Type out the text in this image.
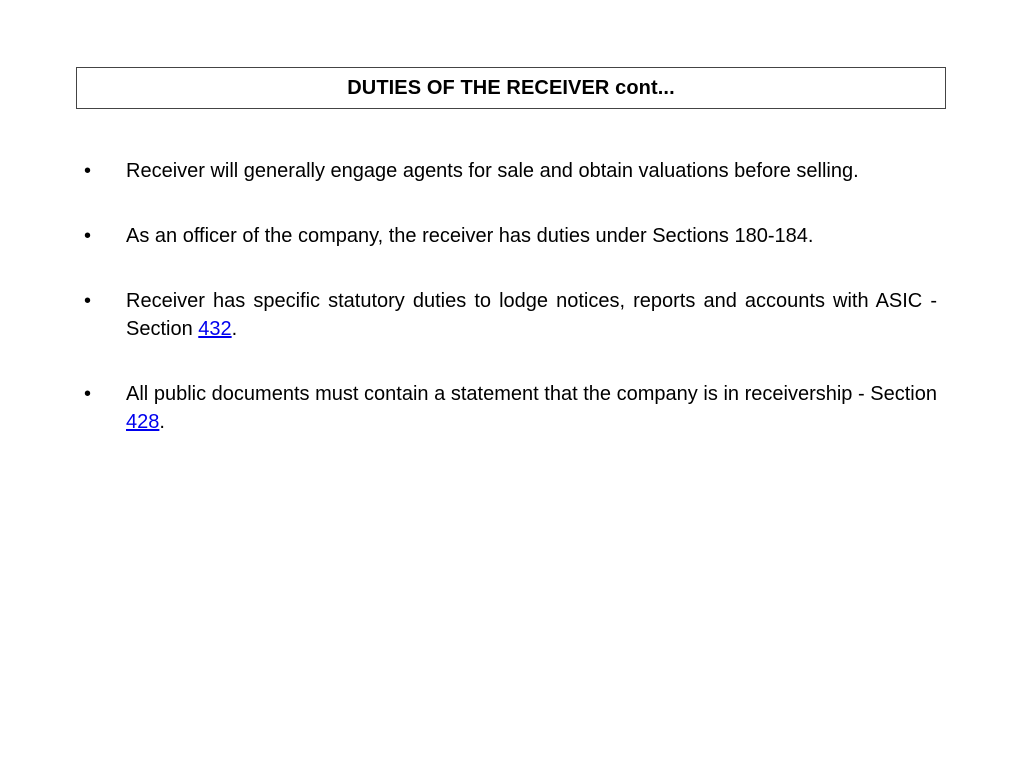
DUTIES OF THE RECEIVER cont...
•	Receiver will generally engage agents for sale and obtain valuations before selling.
•	As an officer of the company, the receiver has duties under Sections 180-184.
•	Receiver has specific statutory duties to lodge notices, reports and accounts with ASIC - Section 432.
•	All public documents must contain a statement that the company is in receivership - Section 428.
